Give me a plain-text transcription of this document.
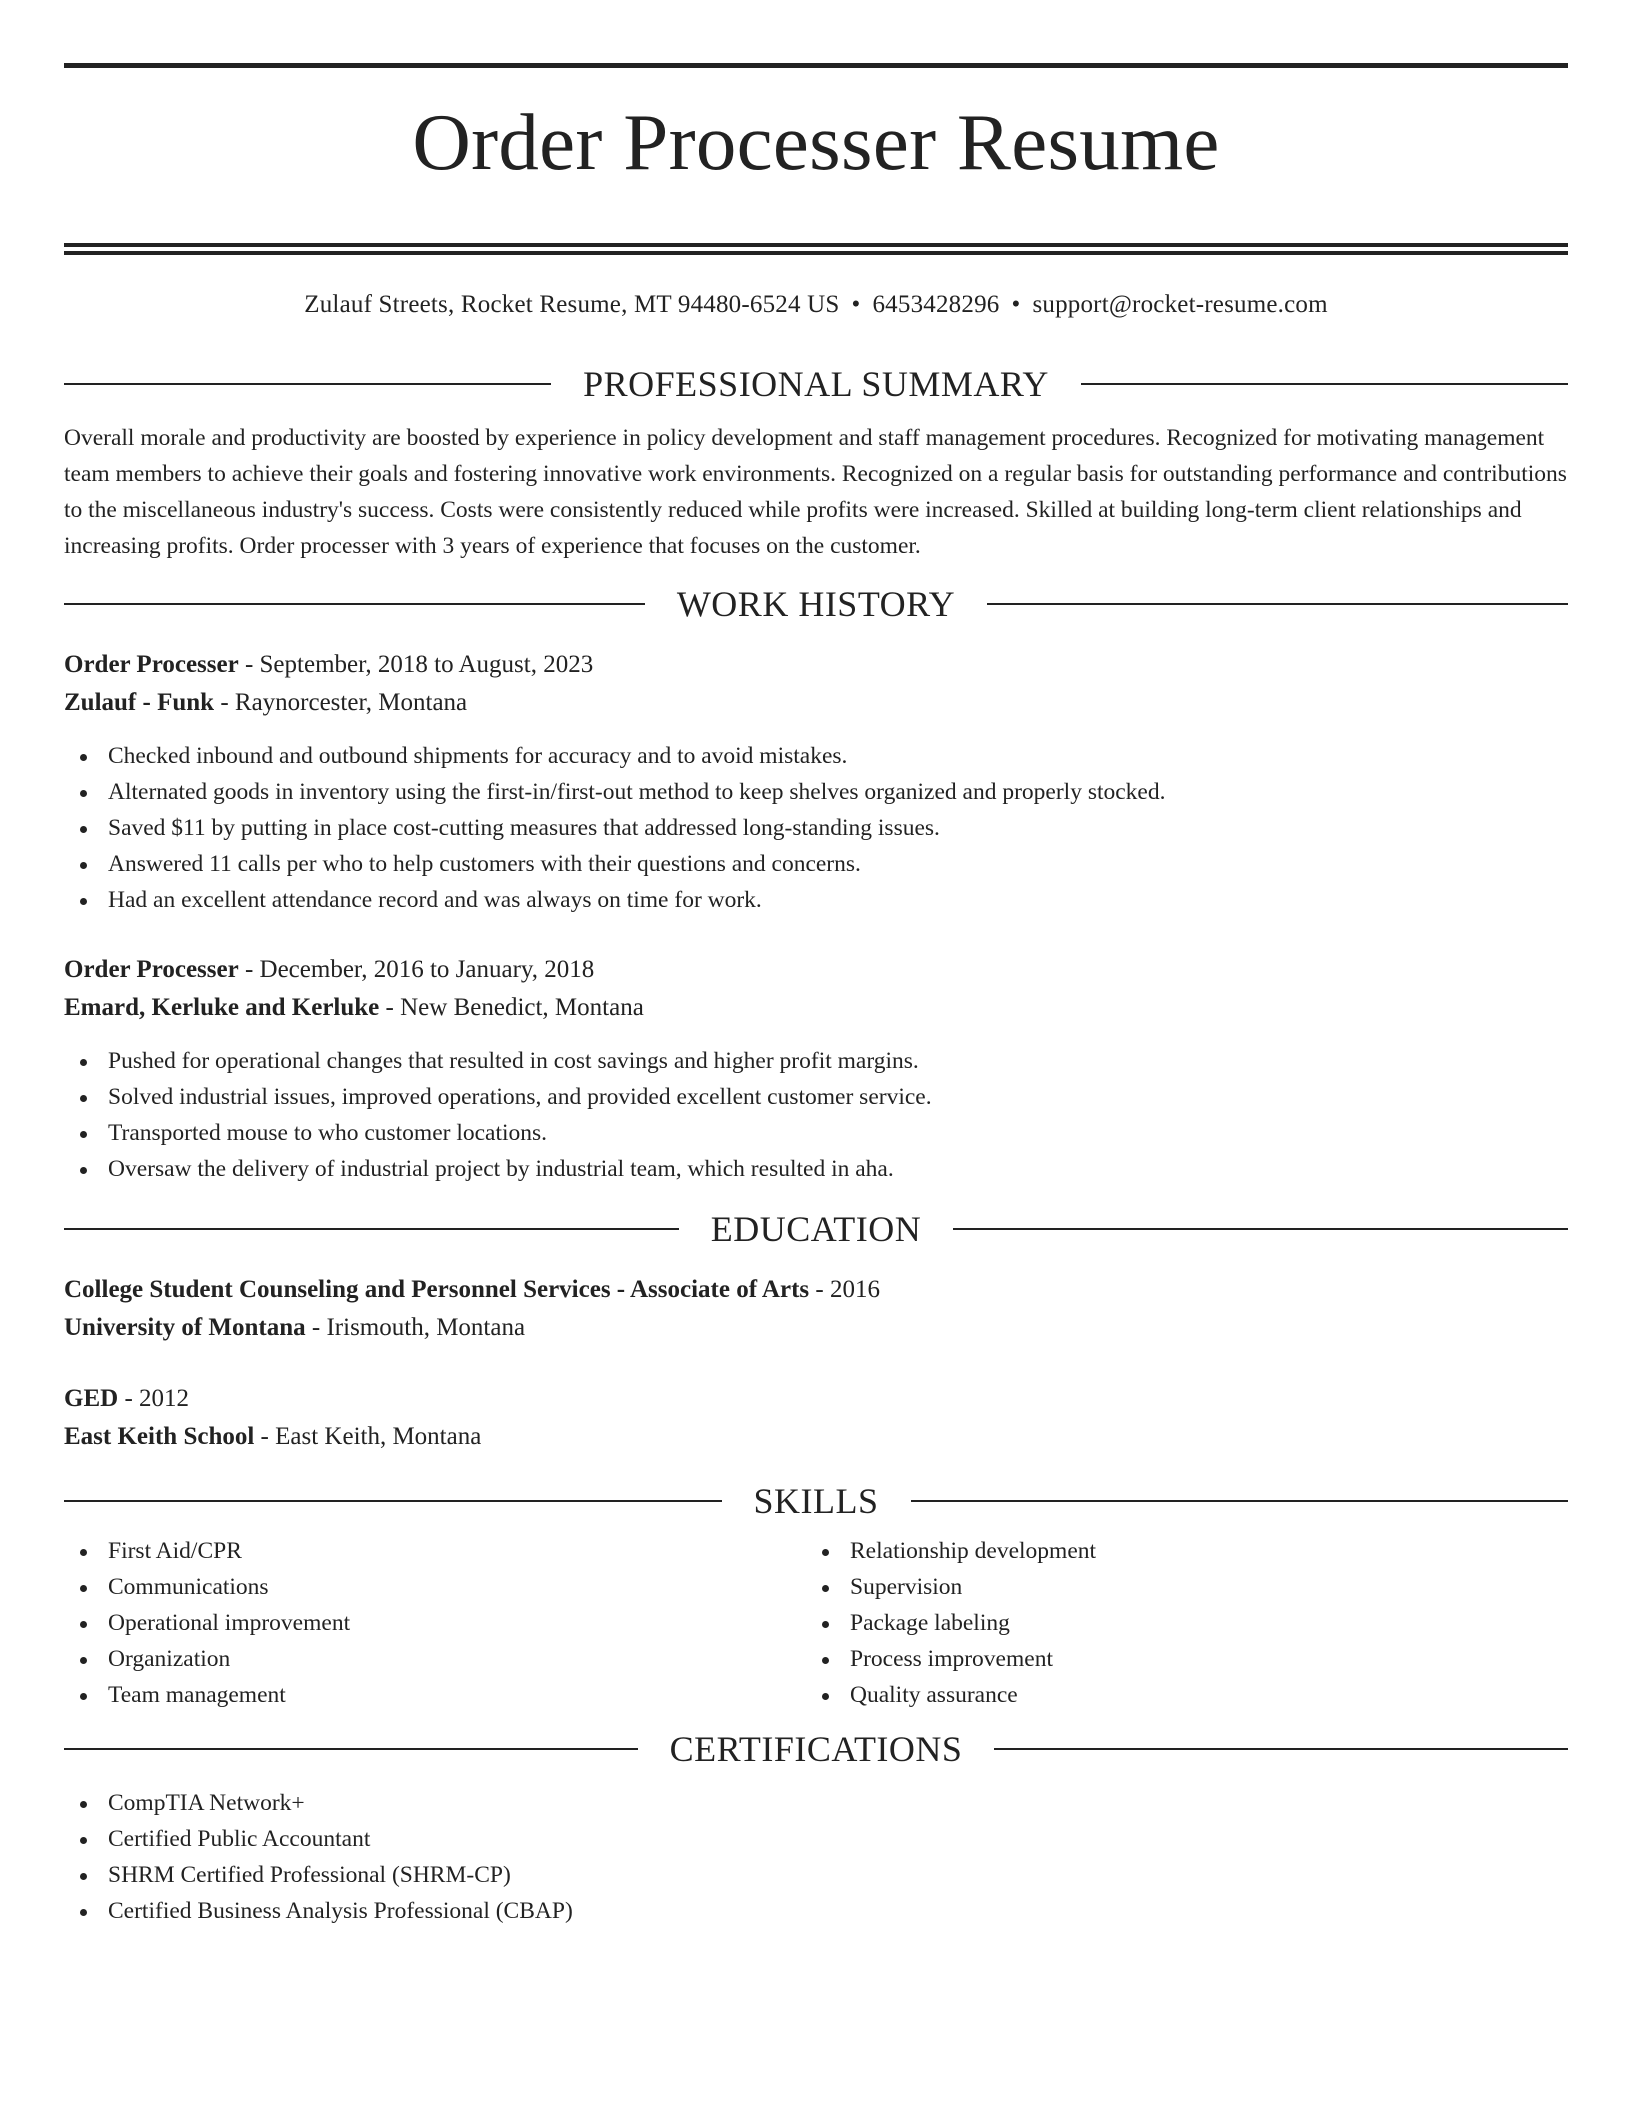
Order Processer Resume
Zulauf Streets, Rocket Resume, MT 94480-6524 US • 6453428296 • support@rocket-resume.com
PROFESSIONAL SUMMARY

Overall morale and productivity are boosted by experience in policy development and staff management procedures. Recognized for motivating management team members to achieve their goals and fostering innovative work environments. Recognized on a regular basis for outstanding performance and contributions to the miscellaneous industry's success. Costs were consistently reduced while profits were increased. Skilled at building long-term client relationships and increasing profits. Order processer with 3 years of experience that focuses on the customer.

WORK HISTORY
Order Processer - September, 2018 to August, 2023
Zulauf - Funk - Raynorcester, Montana
Checked inbound and outbound shipments for accuracy and to avoid mistakes.
Alternated goods in inventory using the first-in/first-out method to keep shelves organized and properly stocked.
Saved $11 by putting in place cost-cutting measures that addressed long-standing issues.
Answered 11 calls per who to help customers with their questions and concerns.
Had an excellent attendance record and was always on time for work.
Order Processer - December, 2016 to January, 2018
Emard, Kerluke and Kerluke - New Benedict, Montana
Pushed for operational changes that resulted in cost savings and higher profit margins.
Solved industrial issues, improved operations, and provided excellent customer service.
Transported mouse to who customer locations.
Oversaw the delivery of industrial project by industrial team, which resulted in aha.
EDUCATION
College Student Counseling and Personnel Services - Associate of Arts - 2016
University of Montana - Irismouth, Montana
GED - 2012
East Keith School - East Keith, Montana
SKILLS
First Aid/CPR
Communications
Operational improvement
Organization
Team management
Relationship development
Supervision
Package labeling
Process improvement
Quality assurance
CERTIFICATIONS
CompTIA Network+
Certified Public Accountant
SHRM Certified Professional (SHRM-CP)
Certified Business Analysis Professional (CBAP)
